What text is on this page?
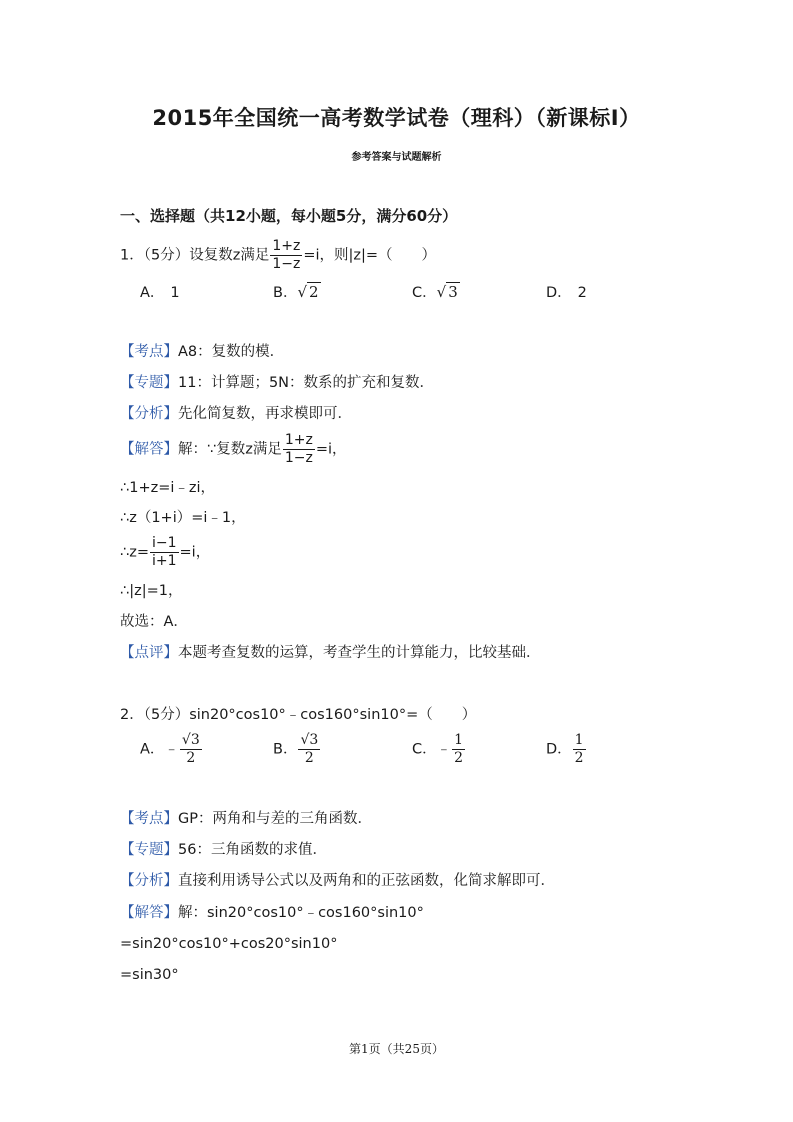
2015年全国统一高考数学试卷（理科）（新课标Ⅰ）
参考答案与试题解析
一、选择题（共12小题，每小题5分，满分60分）
1．（5分）设复数z满足 $\frac{1+z}{1-z} =i$，则|z|=（　　）
A． 1	B．√ 2	C．√ 3	D． 2
【考点】A8：复数的模．
【专题】11：计算题；5N：数系的扩充和复数．
【分析】先化简复数，再求模即可．
【解答】解：∵复数z满足 $\frac{1+z}{1-z} =i$，
∴1+z=i﹣zi，
∴z（1+i）=i﹣1，
∴z= $\frac{i-1}{i+1} =i$，
∴|z|=1，
故选：A．
【点评】本题考查复数的运算，考查学生的计算能力，比较基础．
2．（5分）sin20°cos10°﹣cos160°sin10°=（　　）
A．﹣ $\frac{√3}{2}$	B． $\frac{√3}{2}$	C．﹣ $\frac{1}{2}$	D． $\frac{1}{2}$
【考点】GP：两角和与差的三角函数．
【专题】56：三角函数的求值．
【分析】直接利用诱导公式以及两角和的正弦函数，化简求解即可．
【解答】解：sin20°cos10°﹣cos160°sin10°
=sin20°cos10°+cos20°sin10°
=sin30°
第1页（共25页）
